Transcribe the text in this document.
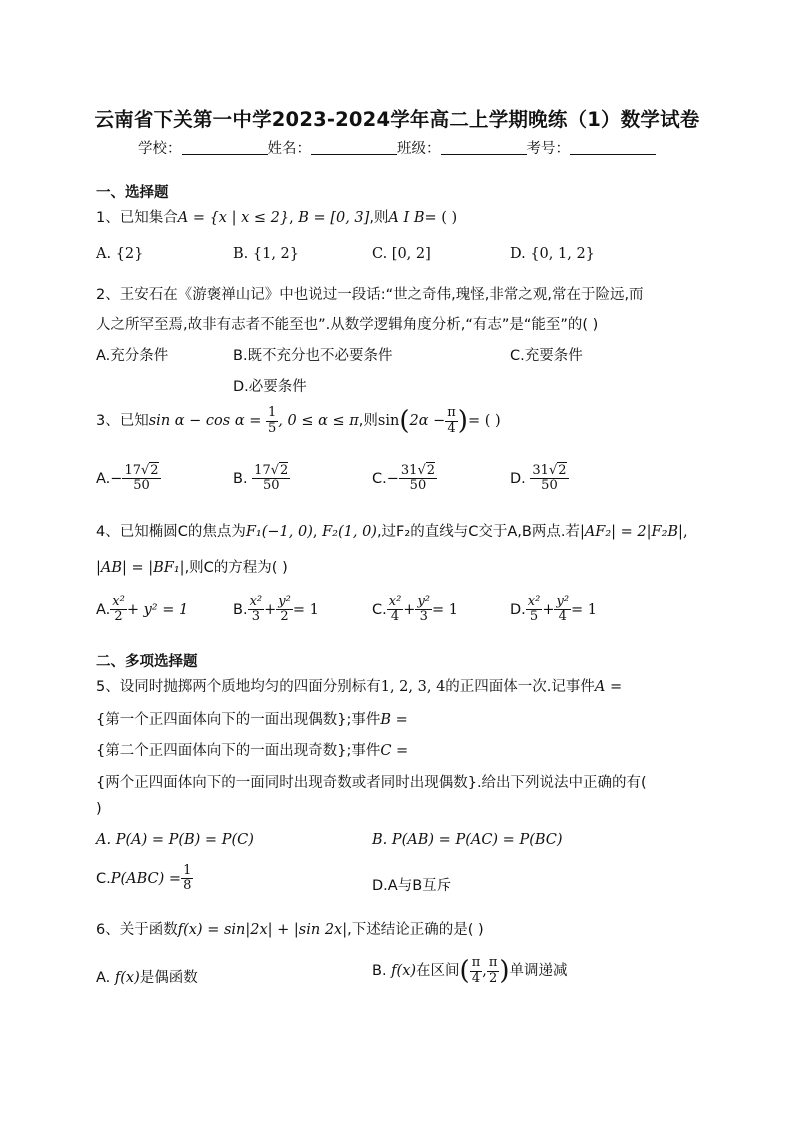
云南省下关第一中学2023-2024学年高二上学期晚练（1）数学试卷
学校：	姓名：	班级：	考号：
一、选择题
1、已知集合A = {x | x ≤ 2}, B = [0, 3],则A I B= ( )
A. {2}	B. {1, 2}	C. [0, 2]	D. {0, 1, 2}
2、王安石在《游褒禅山记》中也说过一段话:“世之奇伟,瑰怪,非常之观,常在于险远,而
人之所罕至焉,故非有志者不能至也”.从数学逻辑角度分析,“有志”是“能至”的( )
A.充分条件	B.既不充分也不必要条件	C.充要条件
D.必要条件
3、已知$\sin \alpha - \cos \alpha = \frac{1}{5}$ , 0 ≤ α ≤ π,则$\sin(2\alpha - \frac{\pi}{4}$ )= ( )
$A.- \frac{17√2}{50}$	B. $\frac{17√2}{50}$	$C.- \frac{31√2}{50}$	D. $\frac{31√2}{50}$
4、已知椭圆C的焦点为F₁(−1, 0), F₂(1, 0),过F₂的直线与C交于A,B两点.若|AF₂| = 2|F₂B|,
|AB| = |BF₁|,则C的方程为( )
A. $\frac{\text{x²}}{2} + y^2 = 1$	B. $\frac{\text{x²}}{3} + \frac{\text{y²}}{2} = 1$	C. $\frac{\text{x²}}{4} + \frac{\text{y²}}{3} = 1$	D. $\frac{\text{x²}}{5} + \frac{\text{y²}}{4} = 1$
二、多项选择题
5、设同时抛掷两个质地均匀的四面分别标有1, 2, 3, 4的正四面体一次.记事件A =
{第一个正四面体向下的一面出现偶数};事件B =
{第二个正四面体向下的一面出现奇数};事件C =
{两个正四面体向下的一面同时出现奇数或者同时出现偶数}.给出下列说法中正确的有(
)
A. P(A) = P(B) = P(C)	B. P(AB) = P(AC) = P(BC)
$C.P(ABC) = \frac{1}{8}$	D.A与B互斥
6、关于函数f(x) = sin|2x| + |sin 2x|,下述结论正确的是( )
A. f(x)是偶函数	B. f(x)在区间( $\frac{\pi}{4}$ , $\frac{\pi}{2}$ )单调递减
